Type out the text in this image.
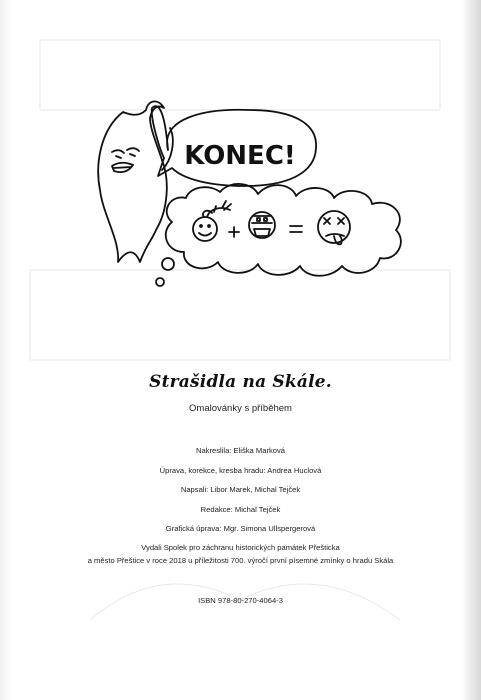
KONEC!
Strašidla na Skále.
Omalovánky s příběhem
Nakreslila: Eliška Marková
Úprava, korekce, kresba hradu: Andrea Huclová
Napsali: Libor Marek, Michal Tejček
Redakce: Michal Tejček
Grafická úprava: Mgr. Simona Ullspergerová
Vydali Spolek pro záchranu historických památek Přešticka
a město Přeštice v roce 2018 u příležitosti 700. výročí první písemné zmínky o hradu Skála
ISBN 978-80-270-4064-3
